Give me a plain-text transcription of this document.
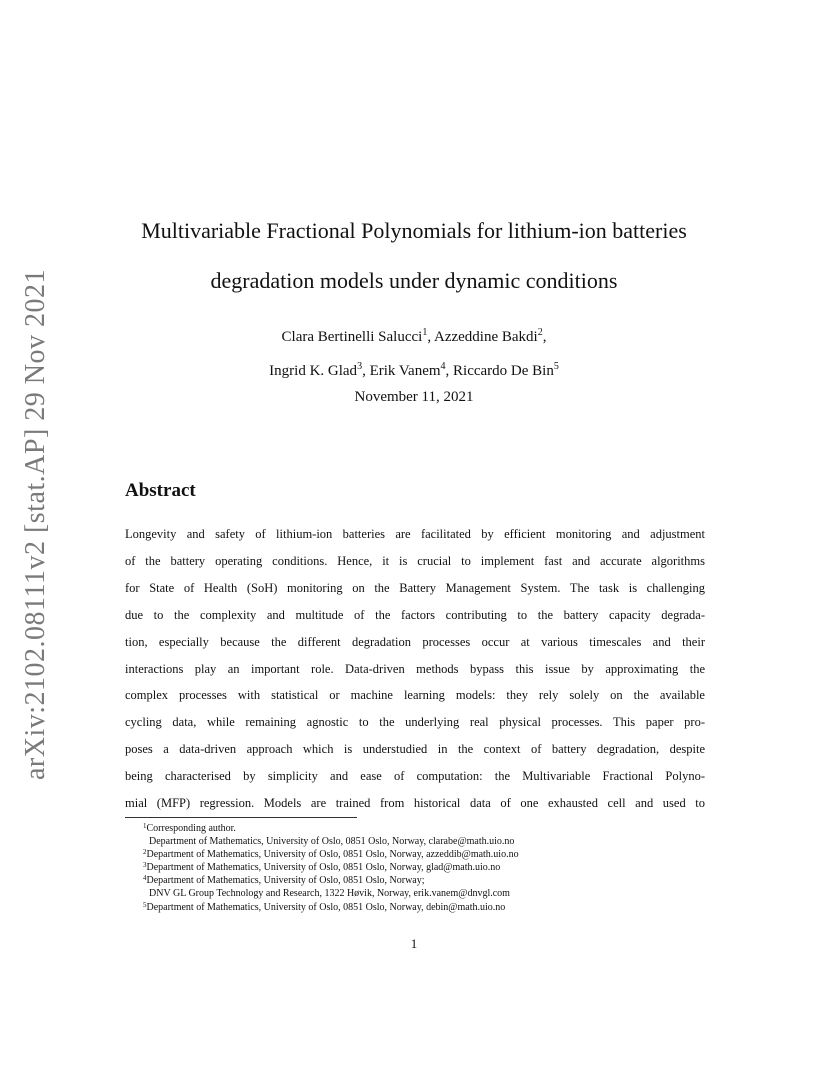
arXiv:2102.08111v2 [stat.AP] 29 Nov 2021
Multivariable Fractional Polynomials for lithium-ion batteries
degradation models under dynamic conditions
Clara Bertinelli Salucci$^1$, Azzeddine Bakdi$^2$,
Ingrid K. Glad$^3$, Erik Vanem$^4$, Riccardo De Bin$^5$
November 11, 2021
Abstract
Longevity and safety of lithium-ion batteries are facilitated by efficient monitoring and adjustment
of the battery operating conditions. Hence, it is crucial to implement fast and accurate algorithms
for State of Health (SoH) monitoring on the Battery Management System. The task is challenging
due to the complexity and multitude of the factors contributing to the battery capacity degrada-
tion, especially because the different degradation processes occur at various timescales and their
interactions play an important role. Data-driven methods bypass this issue by approximating the
complex processes with statistical or machine learning models: they rely solely on the available
cycling data, while remaining agnostic to the underlying real physical processes. This paper pro-
poses a data-driven approach which is understudied in the context of battery degradation, despite
being characterised by simplicity and ease of computation: the Multivariable Fractional Polyno-
mial (MFP) regression. Models are trained from historical data of one exhausted cell and used to
$^1$Corresponding author.
Department of Mathematics, University of Oslo, 0851 Oslo, Norway, clarabe@math.uio.no
$^2$Department of Mathematics, University of Oslo, 0851 Oslo, Norway, azzeddib@math.uio.no
$^3$Department of Mathematics, University of Oslo, 0851 Oslo, Norway, glad@math.uio.no
$^4$Department of Mathematics, University of Oslo, 0851 Oslo, Norway;
DNV GL Group Technology and Research, 1322 Høvik, Norway, erik.vanem@dnvgl.com
$^5$Department of Mathematics, University of Oslo, 0851 Oslo, Norway, debin@math.uio.no
1
